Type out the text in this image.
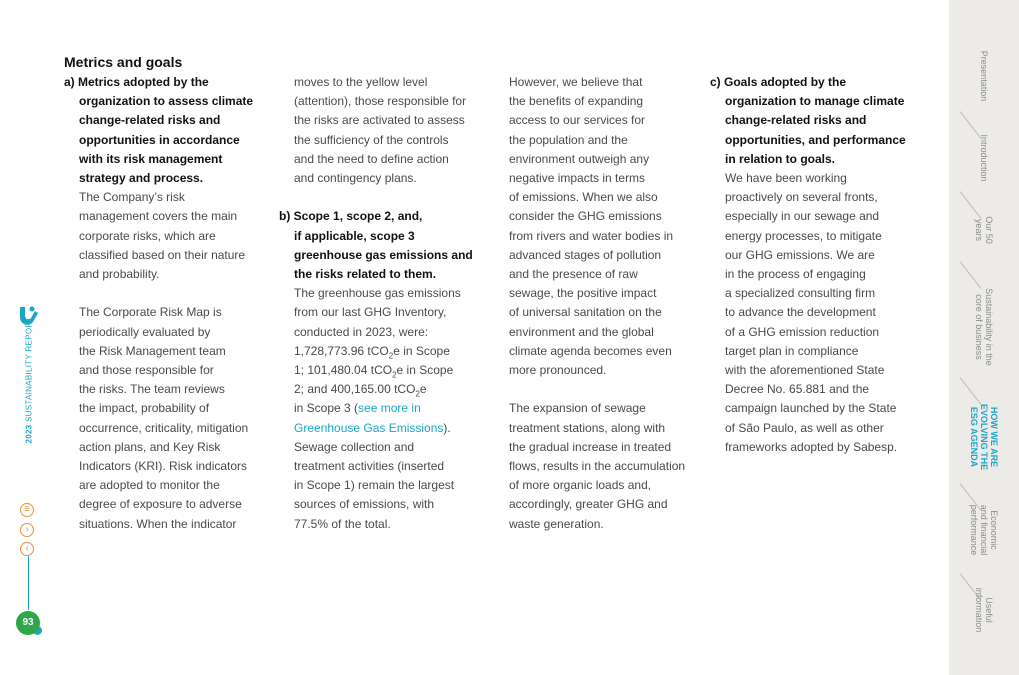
Metrics and goals
a) Metrics adopted by the
organization to assess climate
change-related risks and
opportunities in accordance
with its risk management
strategy and process.
The Company’s risk
management covers the main
corporate risks, which are
classified based on their nature
and probability.
The Corporate Risk Map is
periodically evaluated by
the Risk Management team
and those responsible for
the risks. The team reviews
the impact, probability of
occurrence, criticality, mitigation
action plans, and Key Risk
Indicators (KRI). Risk indicators
are adopted to monitor the
degree of exposure to adverse
situations. When the indicator
moves to the yellow level
(attention), those responsible for
the risks are activated to assess
the sufficiency of the controls
and the need to define action
and contingency plans.
b) Scope 1, scope 2, and,
if applicable, scope 3
greenhouse gas emissions and
the risks related to them.
The greenhouse gas emissions
from our last GHG Inventory,
conducted in 2023, were:
1,728,773.96 tCO$_2$e in Scope
1; 101,480.04 tCO$_2$e in Scope
2; and 400,165.00 tCO$_2$e
in Scope 3 (see more in
Greenhouse Gas Emissions).
Sewage collection and
treatment activities (inserted
in Scope 1) remain the largest
sources of emissions, with
77.5% of the total.
However, we believe that
the benefits of expanding
access to our services for
the population and the
environment outweigh any
negative impacts in terms
of emissions. When we also
consider the GHG emissions
from rivers and water bodies in
advanced stages of pollution
and the presence of raw
sewage, the positive impact
of universal sanitation on the
environment and the global
climate agenda becomes even
more pronounced.
The expansion of sewage
treatment stations, along with
the gradual increase in treated
flows, results in the accumulation
of more organic loads and,
accordingly, greater GHG and
waste generation.
c) Goals adopted by the
organization to manage climate
change-related risks and
opportunities, and performance
in relation to goals.
We have been working
proactively on several fronts,
especially in our sewage and
energy processes, to mitigate
our GHG emissions. We are
in the process of engaging
a specialized consulting firm
to advance the development
of a GHG emission reduction
target plan in compliance
with the aforementioned State
Decree No. 65.881 and the
campaign launched by the State
of São Paulo, as well as other
frameworks adopted by Sabesp.
2023 SUSTAINABILITY REPORT
≡
›
‹
93
Presentation
Introduction
Our 50
years
Sustainability in the
core of business
HOW WE ARE
EVOLVING THE
ESG AGENDA
Economic
and financial
performance
Useful
information
